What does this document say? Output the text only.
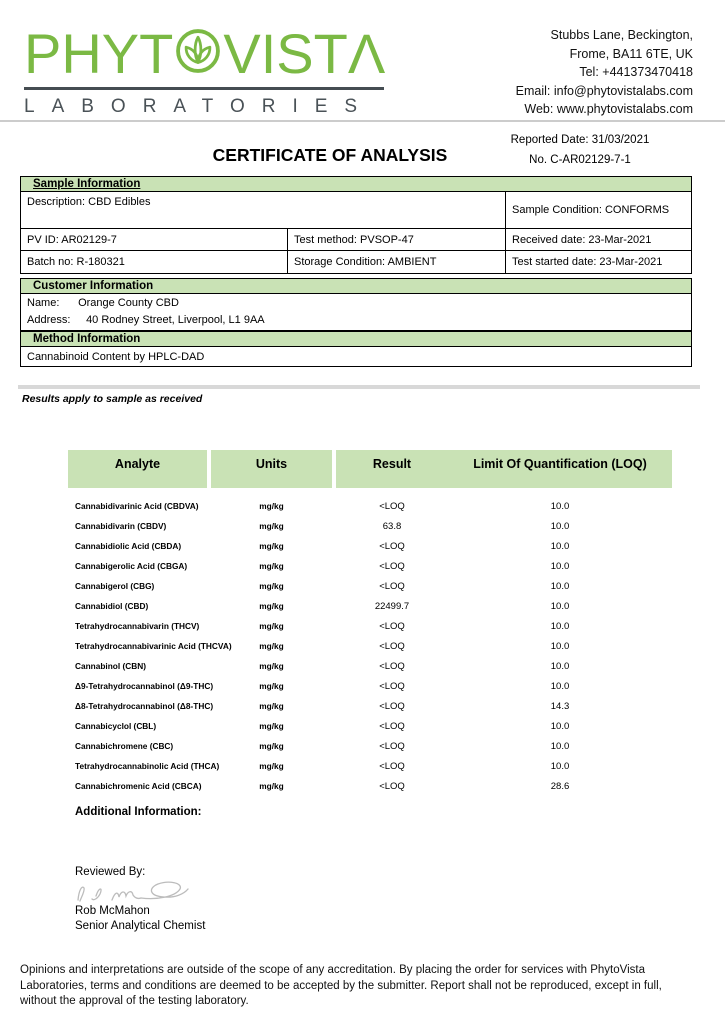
PHYT VISTΛ
LABORATORIES
Stubbs Lane, Beckington,
Frome, BA11 6TE, UK
Tel: +441373470418
Email: info@phytovistalabs.com
Web: www.phytovistalabs.com
Reported Date: 31/03/2021
No. C-AR02129-7-1
CERTIFICATE OF ANALYSIS
Sample Information
Description: CBD Edibles
Sample Condition: CONFORMS
PV ID: AR02129-7	Test method: PVSOP-47	Received date: 23-Mar-2021
Batch no: R-180321	Storage Condition: AMBIENT	Test started date: 23-Mar-2021
Customer Information
Name: Orange County CBD
Address: 40 Rodney Street, Liverpool, L1 9AA
Method Information
Cannabinoid Content by HPLC-DAD
Results apply to sample as received
Analyte	Units	Result	Limit Of Quantification (LOQ)
Cannabidivarinic Acid (CBDVA)	mg/kg	<LOQ	10.0
Cannabidivarin (CBDV)	mg/kg	63.8	10.0
Cannabidiolic Acid (CBDA)	mg/kg	<LOQ	10.0
Cannabigerolic Acid (CBGA)	mg/kg	<LOQ	10.0
Cannabigerol (CBG)	mg/kg	<LOQ	10.0
Cannabidiol (CBD)	mg/kg	22499.7	10.0
Tetrahydrocannabivarin (THCV)	mg/kg	<LOQ	10.0
Tetrahydrocannabivarinic Acid (THCVA)	mg/kg	<LOQ	10.0
Cannabinol (CBN)	mg/kg	<LOQ	10.0
Δ9-Tetrahydrocannabinol (Δ9-THC)	mg/kg	<LOQ	10.0
Δ8-Tetrahydrocannabinol (Δ8-THC)	mg/kg	<LOQ	14.3
Cannabicyclol (CBL)	mg/kg	<LOQ	10.0
Cannabichromene (CBC)	mg/kg	<LOQ	10.0
Tetrahydrocannabinolic Acid (THCA)	mg/kg	<LOQ	10.0
Cannabichromenic Acid (CBCA)	mg/kg	<LOQ	28.6
Additional Information:
Reviewed By:
Rob McMahon
Senior Analytical Chemist
Opinions and interpretations are outside of the scope of any accreditation. By placing the order for services with PhytoVista Laboratories, terms and conditions are deemed to be accepted by the submitter. Report shall not be reproduced, except in full, without the approval of the testing laboratory.
